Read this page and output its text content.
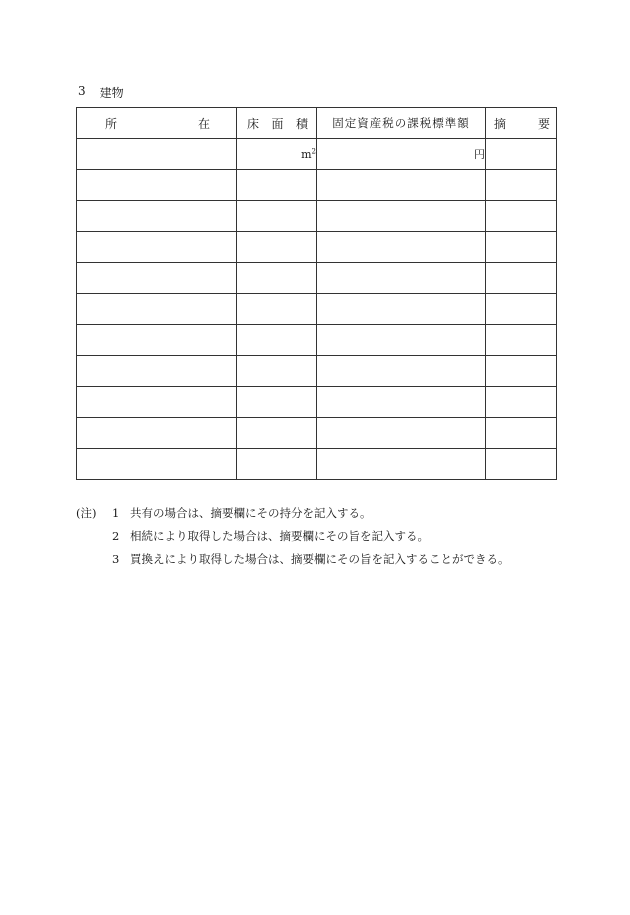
3 建物
所 在	床 面 積	固定資産税の課税標準額	摘 要

	$m^2$	円	

(注)	1 共有の場合は、摘要欄にその持分を記入する。
2 相続により取得した場合は、摘要欄にその旨を記入する。
3 買換えにより取得した場合は、摘要欄にその旨を記入することができる。
